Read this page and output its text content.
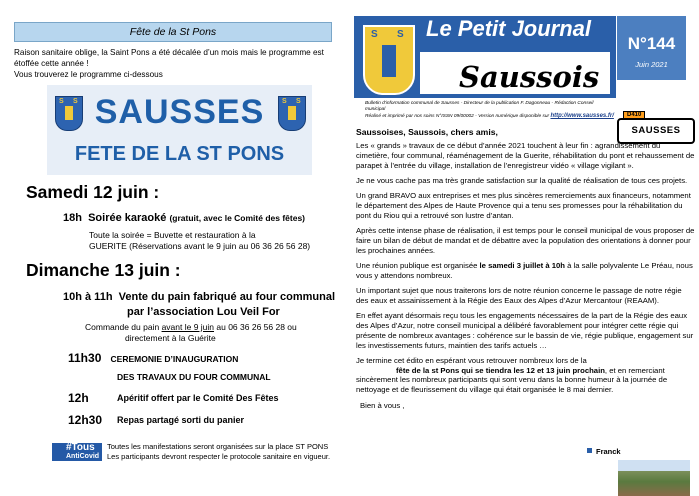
Fête de la St Pons
Raison sanitaire oblige, la Saint Pons a été décalée d’un mois mais le programme est étoffée cette année !
Vous trouverez le programme ci-dessous
S S	S S
SAUSSES
FETE DE LA ST PONS
Samedi 12 juin :
18h Soirée karaoké (gratuit, avec le Comité des fêtes)
Toute la soirée = Buvette et restauration à la
GUERITE (Réservations avant le 9 juin au 06 36 26 56 28)
Dimanche 13 juin :
10h à 11h Vente du pain fabriqué au four communal
par l’association Lou Veil For
Commande du pain avant le 9 juin au 06 36 26 56 28 ou
directement à la Guérite
11h30 CEREMONIE D’INAUGURATION
DES TRAVAUX DU FOUR COMMUNAL
12h	Apéritif offert par le Comité Des Fêtes
12h30 Repas partagé sorti du panier
#Tous
AntiCovid
Toutes les manifestations seront organisées sur la place ST PONS
Les participants devront respecter le protocole sanitaire en vigueur.
S S Le Petit Journal
Saussois
N°144
Juin 2021
Bulletin d’information communal de Sausses - Directeur de la publication F. Dagonneau - Rédaction Conseil municipal
Réalisé et imprimé par nos soins N°ISSN 09/00002 - Version numérique disponible sur http://www.sausses.fr/	D410
SAUSSES
Saussoises, Saussois, chers amis,

Les « grands » travaux de ce début d’année 2021 touchent à leur fin : agrandissement du cimetière, four communal, réaménagement de la Guerite, réhabilitation du pont et rehaussement de parapet à l’entrée du village, installation de l’enregistreur vidéo « village vigilant ».

Je ne vous cache pas ma très grande satisfaction sur la qualité de réalisation de tous ces projets.

Un grand BRAVO aux entreprises et mes plus sincères remerciements aux financeurs, notamment le département des Alpes de Haute Provence qui a tenu ses promesses pour la réhabilitation du pont du Riou qui a retrouvé son lustre d’antan.

Après cette intense phase de réalisation, il est temps pour le conseil municipal de vous proposer de faire un bilan de début de mandat et de débattre avec la population des orientations à donner pour les prochaines années.

Une réunion publique est organisée le samedi 3 juillet à 10h à la salle polyvalente Le Préau, nous vous y attendons nombreux.

Un important sujet que nous traiterons lors de notre réunion concerne le passage de notre régie des eaux et assainissement à la Régie des Eaux des Alpes d’Azur Mercantour (REAAM).

En effet ayant désormais reçu tous les engagements nécessaires de la part de la Régie des eaux des Alpes d’Azur, notre conseil municipal a délibéré favorablement pour intégrer cette régie qui présente de nombreux avantages : cohérence sur le bassin de vie, régie publique, engagement sur les investissements futurs, maintien des tarifs actuels …

Je termine cet édito en espérant vous retrouver nombreux lors de la
fête de la st Pons qui se tiendra les 12 et 13 juin prochain, et en remerciant sincèrement les nombreux participants qui sont venu dans la bonne humeur à la journée de nettoyage et de fleurissement du village qui était organisée le 8 mai dernier.

Bien à vous ,

Franck
